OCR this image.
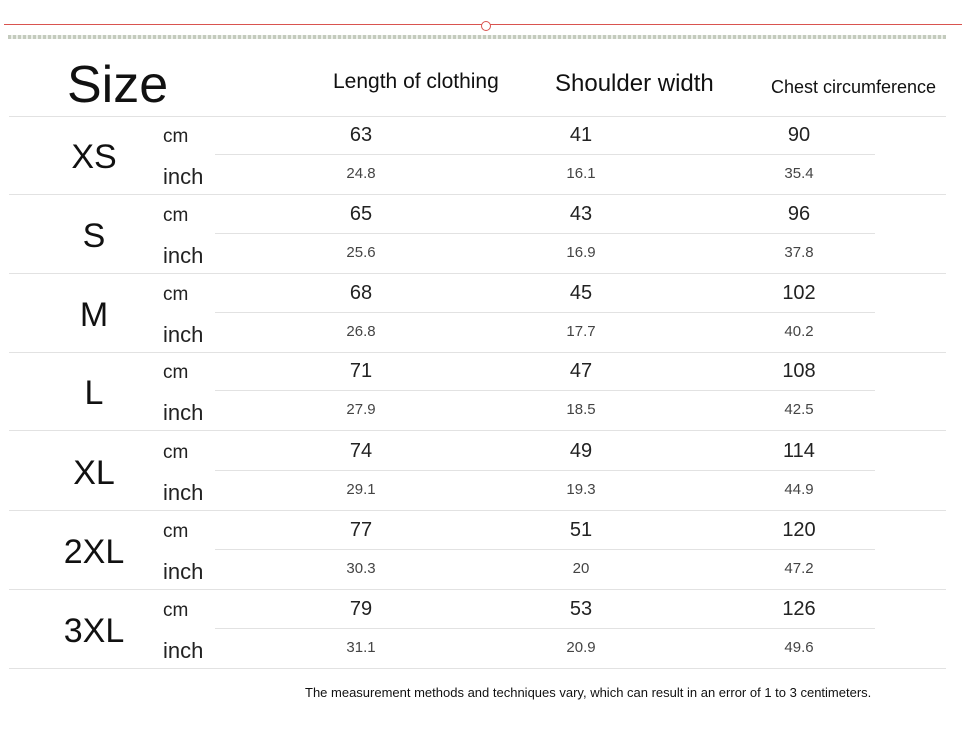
Size	Length of clothing Shoulder width	Chest circumference
XS
cm
inch
63
24.8
41
16.1
90
35.4
S
cm
inch
65
25.6
43
16.9
96
37.8
M
cm
inch
68
26.8
45
17.7
102
40.2
L
cm
inch
71
27.9
47
18.5
108
42.5
XL
cm
inch
74
29.1
49
19.3
114
44.9
2XL
cm
inch
77
30.3
51
20
120
47.2
3XL
cm
inch
79
31.1
53
20.9
126
49.6
The measurement methods and techniques vary, which can result in an error of 1 to 3 centimeters.
